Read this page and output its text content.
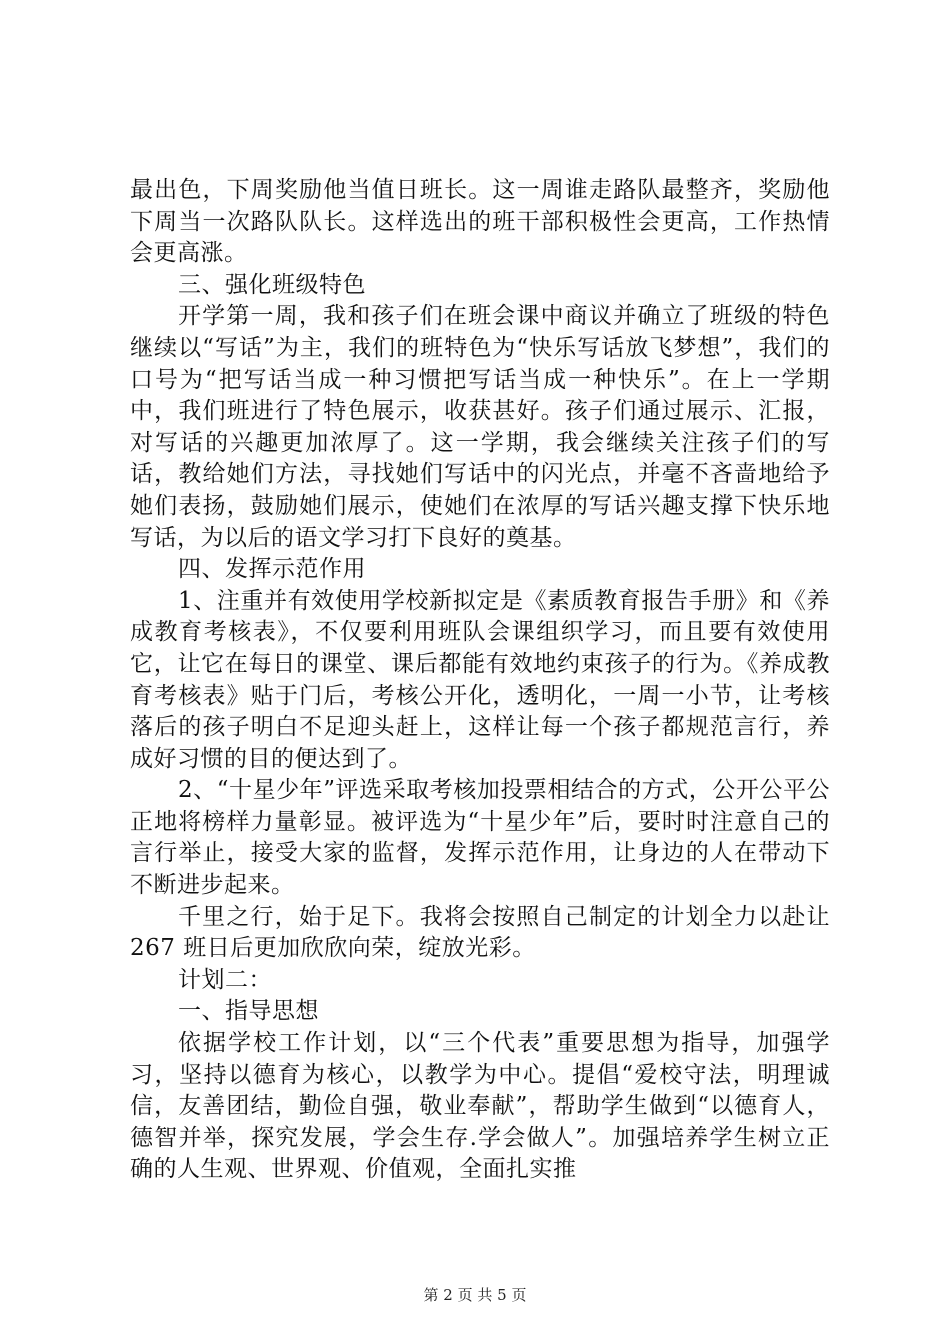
最出色，下周奖励他当值日班长。这一周谁走路队最整齐，奖励他下周当一次路队队长。这样选出的班干部积极性会更高，工作热情会更高涨。

三、强化班级特色

开学第一周，我和孩子们在班会课中商议并确立了班级的特色继续以“写话”为主，我们的班特色为“快乐写话放飞梦想”，我们的口号为“把写话当成一种习惯把写话当成一种快乐”。在上一学期中，我们班进行了特色展示，收获甚好。孩子们通过展示、汇报，对写话的兴趣更加浓厚了。这一学期，我会继续关注孩子们的写话，教给她们方法，寻找她们写话中的闪光点，并毫不吝啬地给予她们表扬，鼓励她们展示，使她们在浓厚的写话兴趣支撑下快乐地写话，为以后的语文学习打下良好的奠基。

四、发挥示范作用

1、注重并有效使用学校新拟定是《素质教育报告手册》和《养成教育考核表》，不仅要利用班队会课组织学习，而且要有效使用它，让它在每日的课堂、课后都能有效地约束孩子的行为。《养成教育考核表》贴于门后，考核公开化，透明化，一周一小节，让考核落后的孩子明白不足迎头赶上，这样让每一个孩子都规范言行，养成好习惯的目的便达到了。

2、“十星少年”评选采取考核加投票相结合的方式，公开公平公正地将榜样力量彰显。被评选为“十星少年”后，要时时注意自己的言行举止，接受大家的监督，发挥示范作用，让身边的人在带动下不断进步起来。

千里之行，始于足下。我将会按照自己制定的计划全力以赴让 267 班日后更加欣欣向荣，绽放光彩。

计划二：

一、指导思想

依据学校工作计划，以“三个代表”重要思想为指导，加强学习，坚持以德育为核心，以教学为中心。提倡“爱校守法，明理诚信，友善团结，勤俭自强，敬业奉献”，帮助学生做到“以德育人，德智并举，探究发展，学会生存.学会做人”。加强培养学生树立正确的人生观、世界观、价值观，全面扎实推

第 2 页 共 5 页
